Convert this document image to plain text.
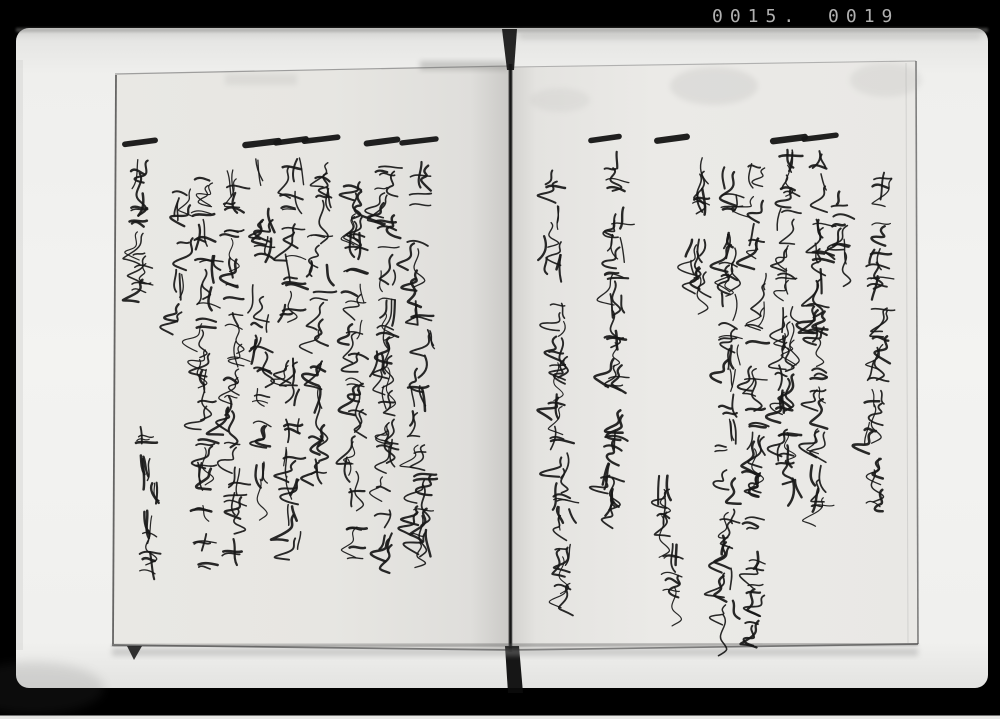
0015. 0019
